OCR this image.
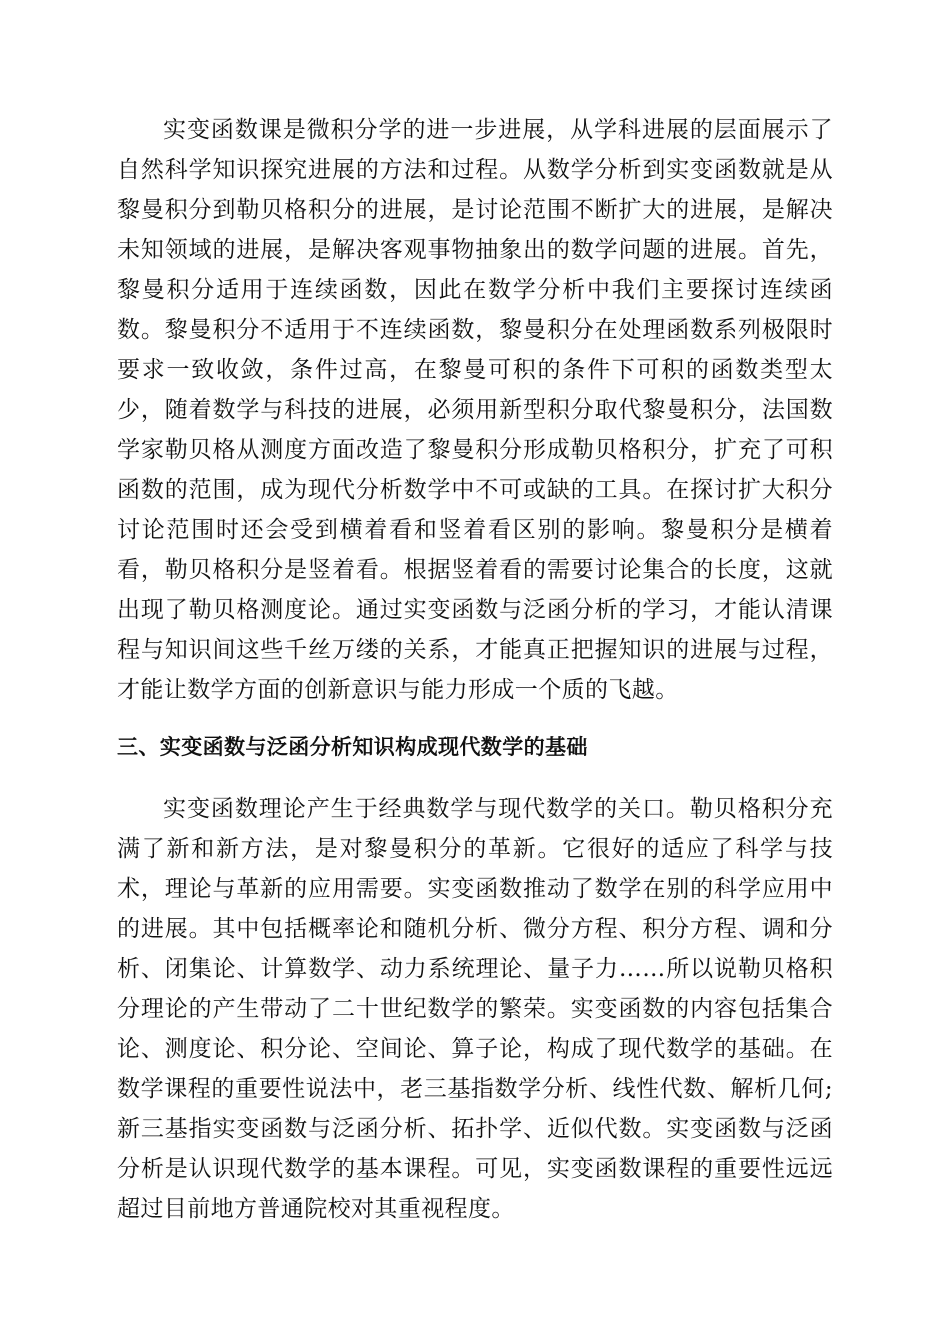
实变函数课是微积分学的进一步进展，从学科进展的层面展示了自然科学知识探究进展的方法和过程。从数学分析到实变函数就是从黎曼积分到勒贝格积分的进展，是讨论范围不断扩大的进展，是解决未知领域的进展，是解决客观事物抽象出的数学问题的进展。首先，黎曼积分适用于连续函数，因此在数学分析中我们主要探讨连续函数。黎曼积分不适用于不连续函数，黎曼积分在处理函数系列极限时要求一致收敛，条件过高，在黎曼可积的条件下可积的函数类型太少，随着数学与科技的进展，必须用新型积分取代黎曼积分，法国数学家勒贝格从测度方面改造了黎曼积分形成勒贝格积分，扩充了可积函数的范围，成为现代分析数学中不可或缺的工具。在探讨扩大积分讨论范围时还会受到横着看和竖着看区别的影响。黎曼积分是横着看，勒贝格积分是竖着看。根据竖着看的需要讨论集合的长度，这就出现了勒贝格测度论。通过实变函数与泛函分析的学习，才能认清课程与知识间这些千丝万缕的关系，才能真正把握知识的进展与过程，才能让数学方面的创新意识与能力形成一个质的飞越。

三、实变函数与泛函分析知识构成现代数学的基础

实变函数理论产生于经典数学与现代数学的关口。勒贝格积分充满了新和新方法，是对黎曼积分的革新。它很好的适应了科学与技术，理论与革新的应用需要。实变函数推动了数学在别的科学应用中的进展。其中包括概率论和随机分析、微分方程、积分方程、调和分析、闭集论、计算数学、动力系统理论、量子力……所以说勒贝格积分理论的产生带动了二十世纪数学的繁荣。实变函数的内容包括集合论、测度论、积分论、空间论、算子论，构成了现代数学的基础。在数学课程的重要性说法中，老三基指数学分析、线性代数、解析几何;新三基指实变函数与泛函分析、拓扑学、近似代数。实变函数与泛函分析是认识现代数学的基本课程。可见，实变函数课程的重要性远远超过目前地方普通院校对其重视程度。
